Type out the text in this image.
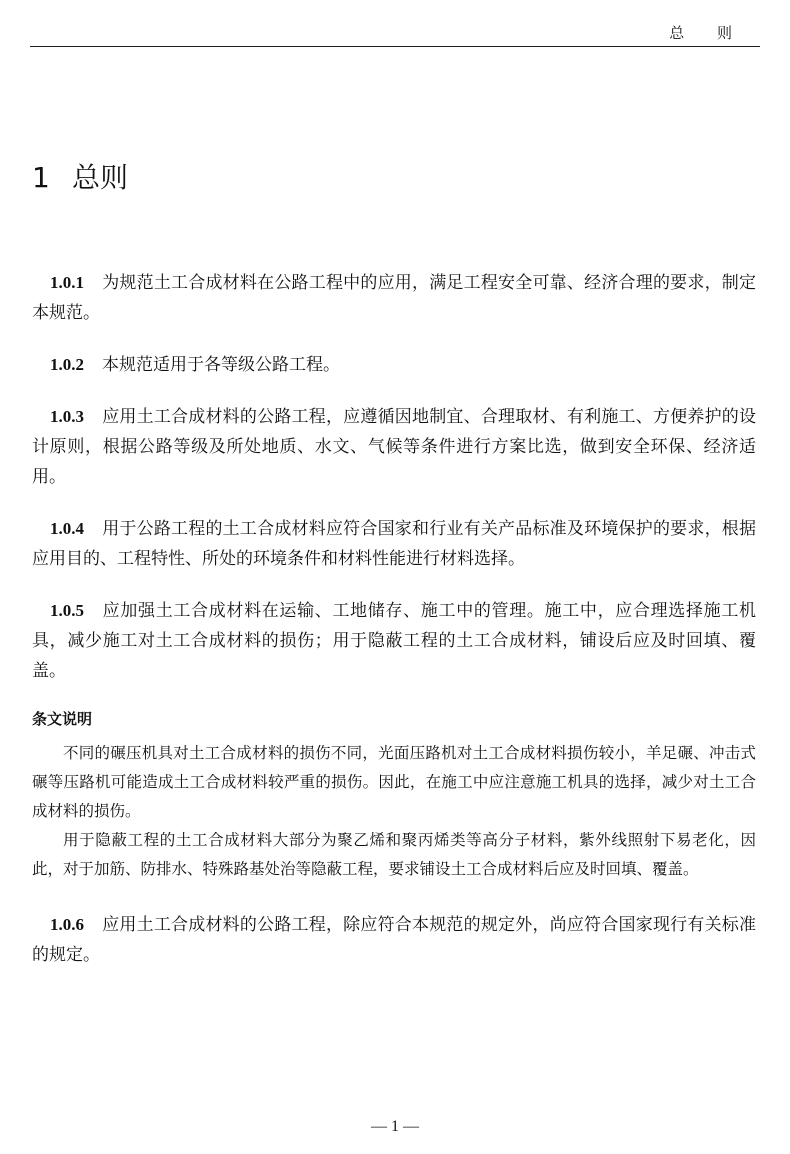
总 则
1 总则

1.0.1 为规范土工合成材料在公路工程中的应用，满足工程安全可靠、经济合理的要求，制定本规范。

1.0.2 本规范适用于各等级公路工程。

1.0.3 应用土工合成材料的公路工程，应遵循因地制宜、合理取材、有利施工、方便养护的设计原则，根据公路等级及所处地质、水文、气候等条件进行方案比选，做到安全环保、经济适用。

1.0.4 用于公路工程的土工合成材料应符合国家和行业有关产品标准及环境保护的要求，根据应用目的、工程特性、所处的环境条件和材料性能进行材料选择。

1.0.5 应加强土工合成材料在运输、工地储存、施工中的管理。施工中，应合理选择施工机具，减少施工对土工合成材料的损伤；用于隐蔽工程的土工合成材料，铺设后应及时回填、覆盖。

条文说明

不同的碾压机具对土工合成材料的损伤不同，光面压路机对土工合成材料损伤较小，羊足碾、冲击式碾等压路机可能造成土工合成材料较严重的损伤。因此，在施工中应注意施工机具的选择，减少对土工合成材料的损伤。

用于隐蔽工程的土工合成材料大部分为聚乙烯和聚丙烯类等高分子材料，紫外线照射下易老化，因此，对于加筋、防排水、特殊路基处治等隐蔽工程，要求铺设土工合成材料后应及时回填、覆盖。

1.0.6 应用土工合成材料的公路工程，除应符合本规范的规定外，尚应符合国家现行有关标准的规定。

— 1 —
